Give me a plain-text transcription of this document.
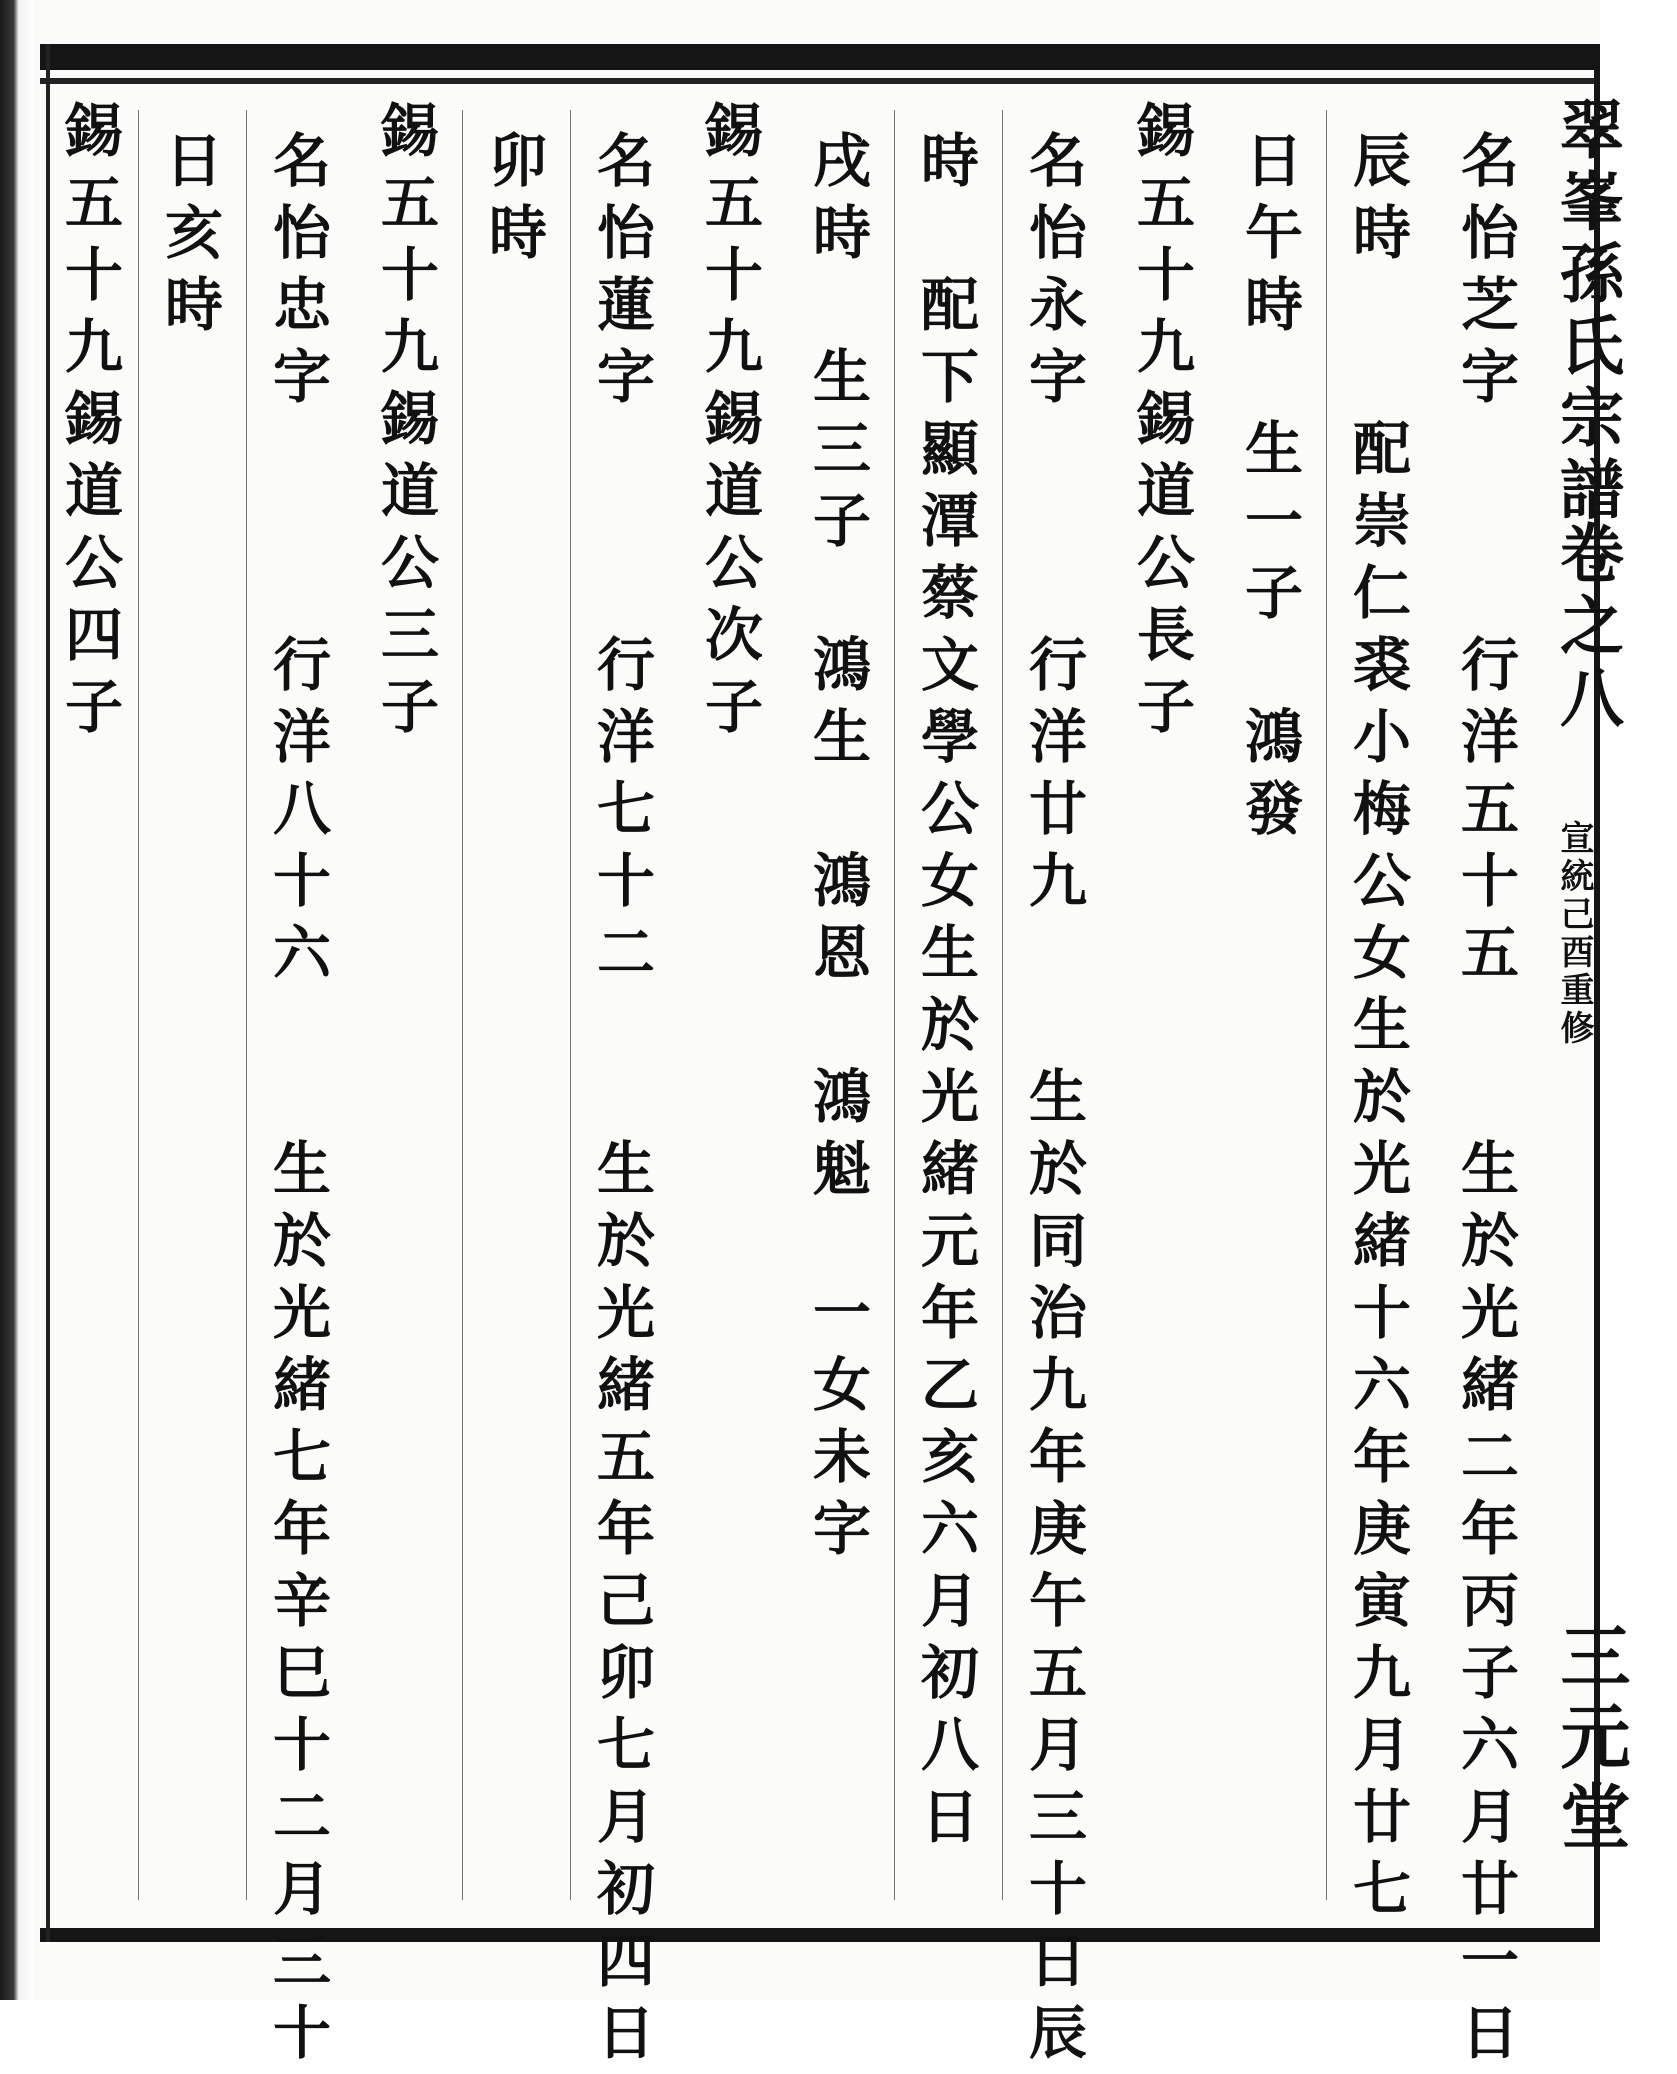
名怡芝字　　　行洋五十五　　生於光緒二年丙子六月廿一日
辰時　　配崇仁裘小梅公女生於光緒十六年庚寅九月廿七
日午時　生一子　鴻發
錫五十九錫道公長子
名怡永字　　　行洋廿九　　生於同治九年庚午五月三十日辰
時　配下顯潭蔡文學公女生於光緒元年乙亥六月初八日
戌時　生三子　鴻生　鴻恩　鴻魁　一女未字
錫五十九錫道公次子
名怡蓮字　　　行洋七十二　　生於光緒五年己卯七月初四日
卯時
錫五十九錫道公三子
名怡忠字　　　行洋八十六　　生於光緒七年辛巳十二月三十
日亥時
錫五十九錫道公四子	翠峯孫氏宗譜
卷之八
宣統己酉重修
三元堂
